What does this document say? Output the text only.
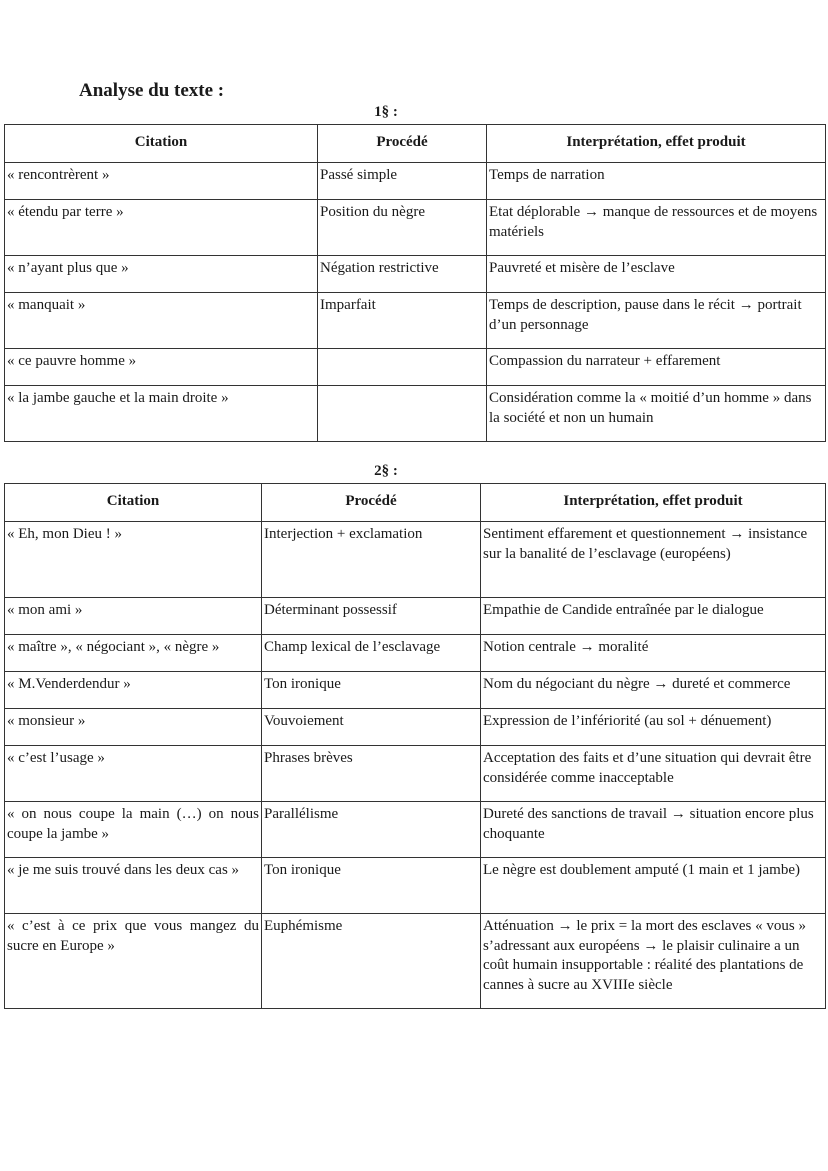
Analyse du texte :
1§ :
Citation	Procédé	Interprétation, effet produit
« rencontrèrent »	Passé simple	Temps de narration
« étendu par terre »	Position du nègre	Etat déplorable → manque de ressources et de moyens matériels
« n’ayant plus que »	Négation restrictive	Pauvreté et misère de l’esclave
« manquait »	Imparfait	Temps de description, pause dans le récit → portrait d’un personnage
« ce pauvre homme »		Compassion du narrateur + effarement
« la jambe gauche et la main droite »		Considération comme la « moitié d’un homme » dans la société et non un humain
2§ :
Citation	Procédé	Interprétation, effet produit
« Eh, mon Dieu ! »	Interjection + exclamation	Sentiment effarement et questionnement → insistance sur la banalité de l’esclavage (européens)
« mon ami »	Déterminant possessif	Empathie de Candide entraînée par le dialogue
« maître », « négociant », « nègre »	Champ lexical de l’esclavage	Notion centrale → moralité
« M.Venderdendur »	Ton ironique	Nom du négociant du nègre → dureté et commerce
« monsieur »	Vouvoiement	Expression de l’infériorité (au sol + dénuement)
« c’est l’usage »	Phrases brèves	Acceptation des faits et d’une situation qui devrait être considérée comme inacceptable
« on nous coupe la main (…) on nous coupe la jambe »	Parallélisme	Dureté des sanctions de travail → situation encore plus choquante
« je me suis trouvé dans les deux cas »	Ton ironique	Le nègre est doublement amputé (1 main et 1 jambe)
« c’est à ce prix que vous mangez du sucre en Europe »	Euphémisme	Atténuation → le prix = la mort des esclaves « vous » s’adressant aux européens → le plaisir culinaire a un coût humain insupportable : réalité des plantations de cannes à sucre au XVIIIe siècle
